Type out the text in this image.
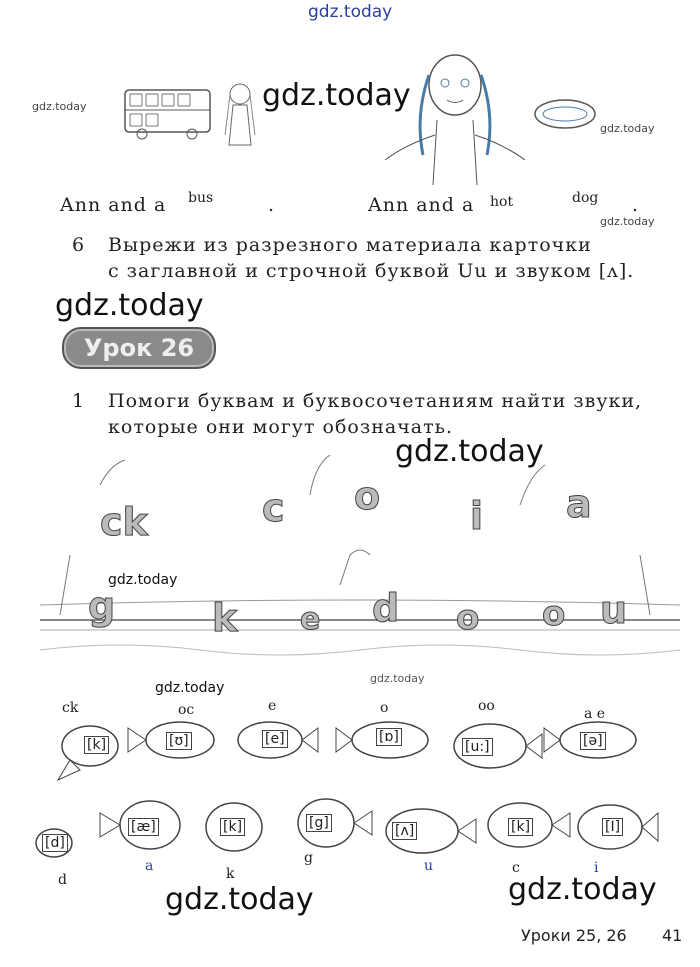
gdz.today
gdz.today
gdz.today
gdz.today
gdz.today
Ann and a bus	.	Ann and a hot	dog .
6 Вырежи из разрезного материала карточки
с заглавной и строчной буквой Uu и звуком [ʌ].
gdz.today
Урок 26
1 Помоги буквам и буквосочетаниям найти звуки,
которые они могут обозначать.
gdz.today
ck	c o i a
gdz.today
g	k e d o o u
gdz.today
gdz.today
ck	oc	e	o	oo	a e
[k]	[ʊ]	[e]	[ɒ]
[u:]	[ə]
[d]
[æ]	[k]	[g]	[ʌ]	[k]	[I]
d
a	k
g	u	c	i
gdz.today	gdz.today
Уроки 25, 26 41
